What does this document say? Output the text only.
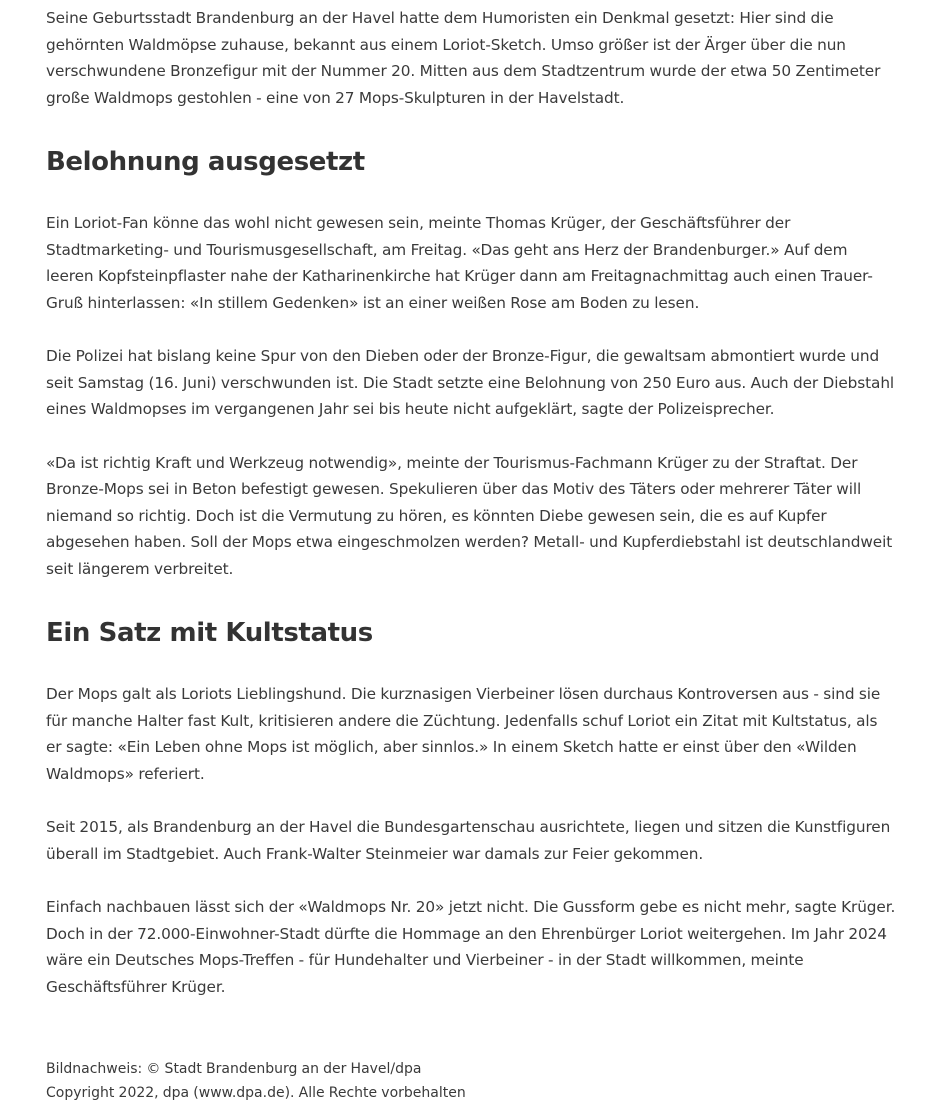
Seine Geburtsstadt Brandenburg an der Havel hatte dem Humoristen ein Denkmal gesetzt: Hier sind die gehörnten Waldmöpse zuhause, bekannt aus einem Loriot-Sketch. Umso größer ist der Ärger über die nun verschwundene Bronzefigur mit der Nummer 20. Mitten aus dem Stadtzentrum wurde der etwa 50 Zentimeter große Waldmops gestohlen - eine von 27 Mops-Skulpturen in der Havelstadt.

Belohnung ausgesetzt

Ein Loriot-Fan könne das wohl nicht gewesen sein, meinte Thomas Krüger, der Geschäftsführer der Stadtmarketing- und Tourismusgesellschaft, am Freitag. «Das geht ans Herz der Brandenburger.» Auf dem leeren Kopfsteinpflaster nahe der Katharinenkirche hat Krüger dann am Freitagnachmittag auch einen Trauer-Gruß hinterlassen: «In stillem Gedenken» ist an einer weißen Rose am Boden zu lesen.

Die Polizei hat bislang keine Spur von den Dieben oder der Bronze-Figur, die gewaltsam abmontiert wurde und seit Samstag (16. Juni) verschwunden ist. Die Stadt setzte eine Belohnung von 250 Euro aus. Auch der Diebstahl eines Waldmopses im vergangenen Jahr sei bis heute nicht aufgeklärt, sagte der Polizeisprecher.

«Da ist richtig Kraft und Werkzeug notwendig», meinte der Tourismus-Fachmann Krüger zu der Straftat. Der Bronze-Mops sei in Beton befestigt gewesen. Spekulieren über das Motiv des Täters oder mehrerer Täter will niemand so richtig. Doch ist die Vermutung zu hören, es könnten Diebe gewesen sein, die es auf Kupfer abgesehen haben. Soll der Mops etwa eingeschmolzen werden? Metall- und Kupferdiebstahl ist deutschlandweit seit längerem verbreitet.

Ein Satz mit Kultstatus

Der Mops galt als Loriots Lieblingshund. Die kurznasigen Vierbeiner lösen durchaus Kontroversen aus - sind sie für manche Halter fast Kult, kritisieren andere die Züchtung. Jedenfalls schuf Loriot ein Zitat mit Kultstatus, als er sagte: «Ein Leben ohne Mops ist möglich, aber sinnlos.» In einem Sketch hatte er einst über den «Wilden Waldmops» referiert.

Seit 2015, als Brandenburg an der Havel die Bundesgartenschau ausrichtete, liegen und sitzen die Kunstfiguren überall im Stadtgebiet. Auch Frank-Walter Steinmeier war damals zur Feier gekommen.

Einfach nachbauen lässt sich der «Waldmops Nr. 20» jetzt nicht. Die Gussform gebe es nicht mehr, sagte Krüger. Doch in der 72.000-Einwohner-Stadt dürfte die Hommage an den Ehrenbürger Loriot weitergehen. Im Jahr 2024 wäre ein Deutsches Mops-Treffen - für Hundehalter und Vierbeiner - in der Stadt willkommen, meinte Geschäftsführer Krüger.

Bildnachweis: © Stadt Brandenburg an der Havel/dpa

Copyright 2022, dpa (www.dpa.de). Alle Rechte vorbehalten
